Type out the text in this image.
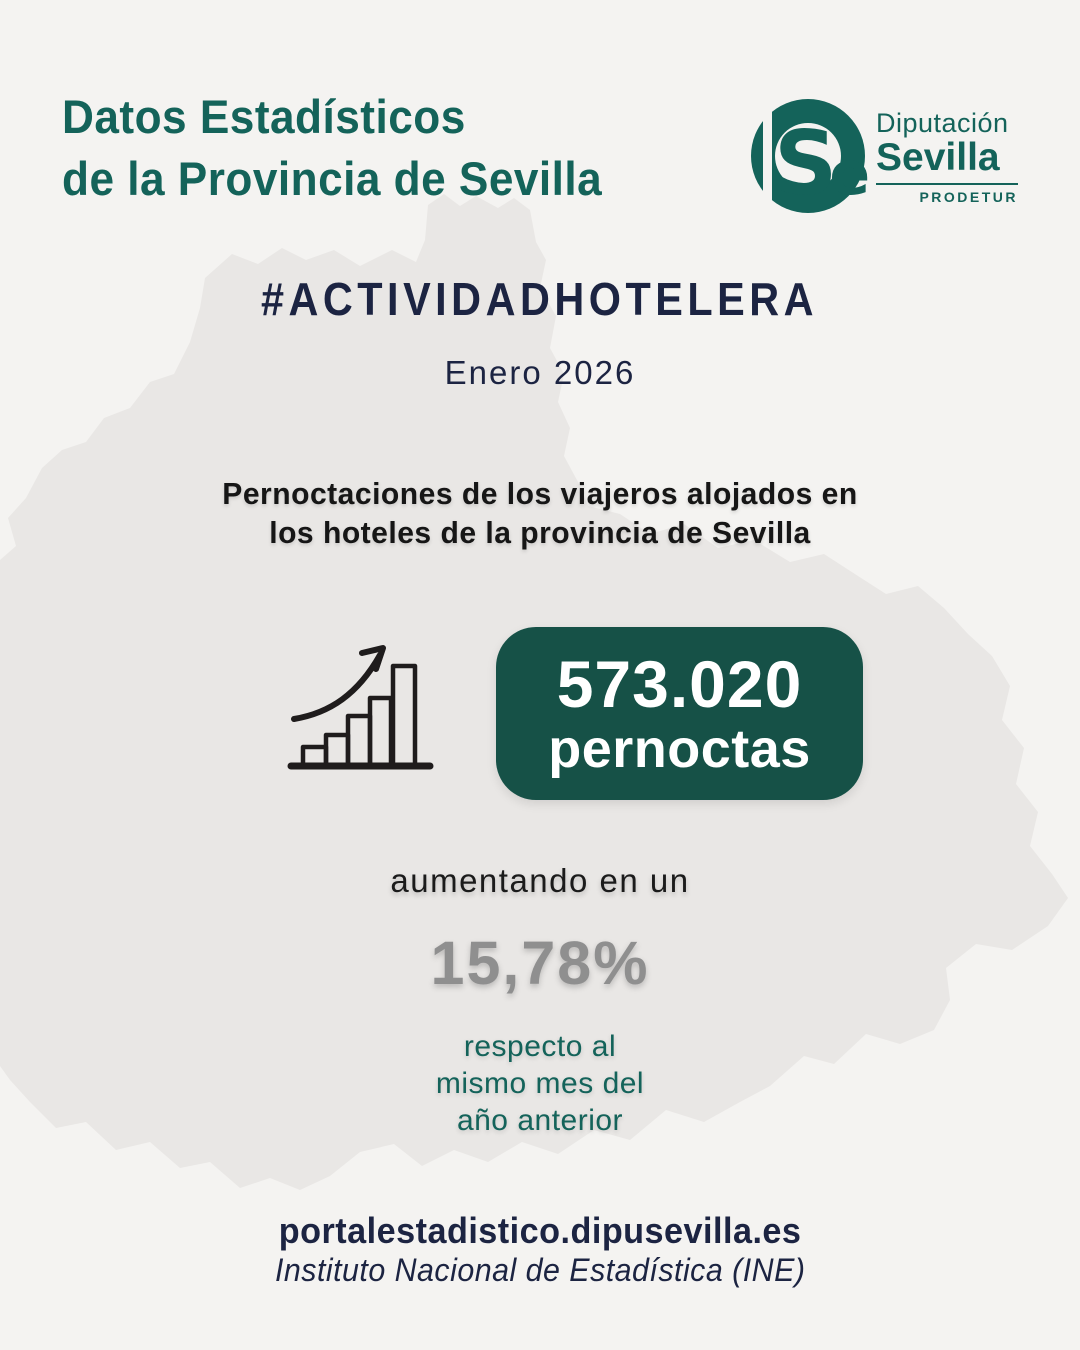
Datos Estadísticos
de la Provincia de Sevilla Se
Diputación
Sevilla
PRODETUR
#ACTIVIDADHOTELERA
Enero 2026
Pernoctaciones de los viajeros alojados en
los hoteles de la provincia de Sevilla
573.020
pernoctas
aumentando en un
15,78%
respecto al
mismo mes del
año anterior
portalestadistico.dipusevilla.es
Instituto Nacional de Estadística (INE)
